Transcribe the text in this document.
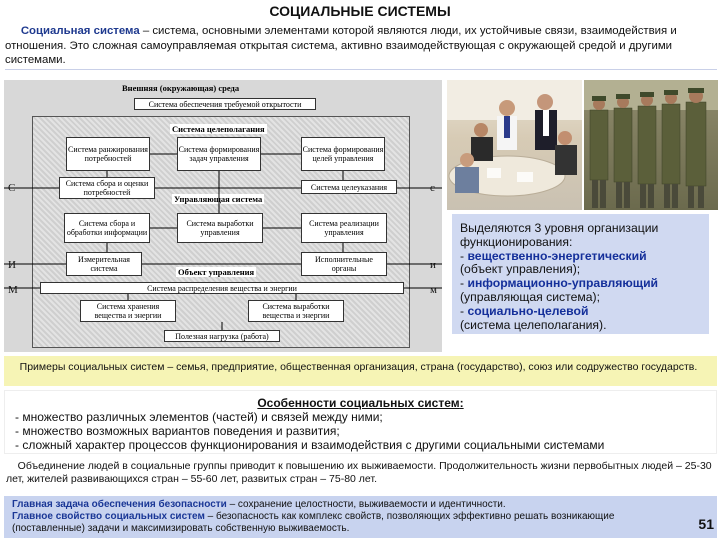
СОЦИАЛЬНЫЕ СИСТЕМЫ
Социальная система – система, основными элементами которой являются люди, их устойчивые связи, взаимодействия и отношения. Это сложная самоуправляемая открытая система, активно взаимодействующая с окружающей средой и другими системами.
Внешняя (окружающая) среда
Система обеспечения требуемой открытости
Система целеполагания
Система ранжирования потребностей
Система формирования задач управления
Система формирования целей управления
Система сбора и оценки потребностей
Система целеуказания
Управляющая система
Система сбора и обработки информации
Система выработки управления
Система реализации управления
Измерительная система
Исполнительные органы
Объект управления
Система распределения вещества и энергии
Система хранения вещества и энергии
Система выработки вещества и энергии
Полезная нагрузка (работа)
С
И
М
с
и
м
Выделяются 3 уровня организации функционирования:
- вещественно-энергетический
(объект управления);
- информационно-управляющий
(управляющая система);
- социально-целевой
(система целеполагания).
Примеры социальных систем – семья, предприятие, общественная организация, страна (государство), союз или содружество государств.
Особенности социальных систем:
- множество различных элементов (частей) и связей между ними;
- множество возможных вариантов поведения и развития;
- сложный характер процессов функционирования и взаимодействия с другими социальными системами
Объединение людей в социальные группы приводит к повышению их выживаемости. Продолжительность жизни первобытных людей – 25-30 лет, жителей развивающихся стран – 55-60 лет, развитых стран – 75-80 лет.
Главная задача обеспечения безопасности – сохранение целостности, выживаемости и идентичности.
Главное свойство социальных систем – безопасность как комплекс свойств, позволяющих эффективно решать возникающие (поставленные) задачи и максимизировать собственную выживаемость.	51
